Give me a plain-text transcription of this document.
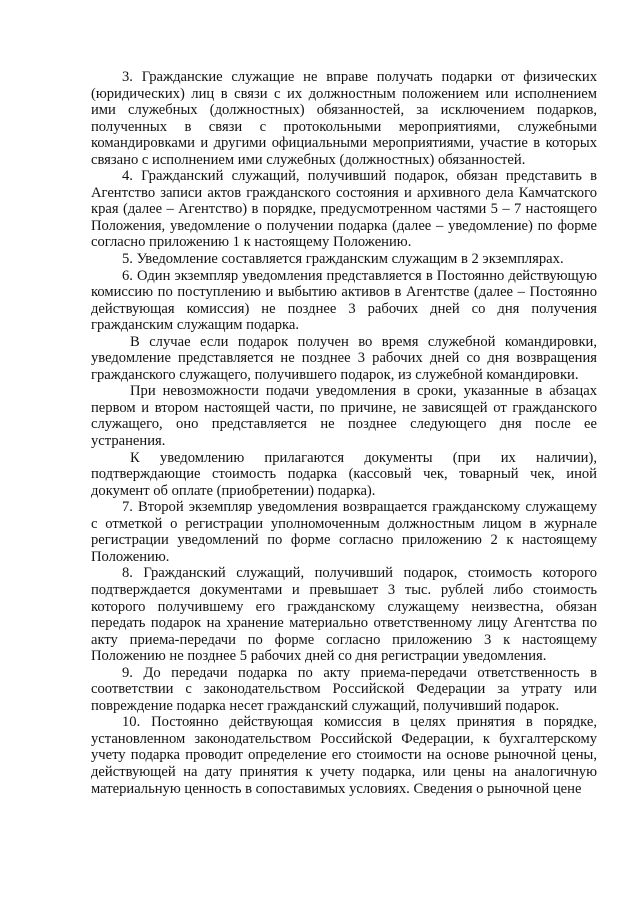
3. Гражданские служащие не вправе получать подарки от физических (юридических) лиц в связи с их должностным положением или исполнением ими служебных (должностных) обязанностей, за исключением подарков, полученных в связи с протокольными мероприятиями, служебными командировками и другими официальными мероприятиями, участие в которых связано с исполнением ими служебных (должностных) обязанностей.

4. Гражданский служащий, получивший подарок, обязан представить в Агентство записи актов гражданского состояния и архивного дела Камчатского края (далее – Агентство) в порядке, предусмотренном частями 5 – 7 настоящего Положения, уведомление о получении подарка (далее – уведомление) по форме согласно приложению 1 к настоящему Положению.

5. Уведомление составляется гражданским служащим в 2 экземплярах.

6. Один экземпляр уведомления представляется в Постоянно действующую комиссию по поступлению и выбытию активов в Агентстве (далее – Постоянно действующая комиссия) не позднее 3 рабочих дней со дня получения гражданским служащим подарка.

В случае если подарок получен во время служебной командировки, уведомление представляется не позднее 3 рабочих дней со дня возвращения гражданского служащего, получившего подарок, из служебной командировки.

При невозможности подачи уведомления в сроки, указанные в абзацах первом и втором настоящей части, по причине, не зависящей от гражданского служащего, оно представляется не позднее следующего дня после ее устранения.

К уведомлению прилагаются документы (при их наличии), подтверждающие стоимость подарка (кассовый чек, товарный чек, иной документ об оплате (приобретении) подарка).

7. Второй экземпляр уведомления возвращается гражданскому служащему с отметкой о регистрации уполномоченным должностным лицом в журнале регистрации уведомлений по форме согласно приложению 2 к настоящему Положению.

8. Гражданский служащий, получивший подарок, стоимость которого подтверждается документами и превышает 3 тыс. рублей либо стоимость которого получившему его гражданскому служащему неизвестна, обязан передать подарок на хранение материально ответственному лицу Агентства по акту приема-передачи по форме согласно приложению 3 к настоящему Положению не позднее 5 рабочих дней со дня регистрации уведомления.

9. До передачи подарка по акту приема-передачи ответственность в соответствии с законодательством Российской Федерации за утрату или повреждение подарка несет гражданский служащий, получивший подарок.

10. Постоянно действующая комиссия в целях принятия в порядке, установленном законодательством Российской Федерации, к бухгалтерскому учету подарка проводит определение его стоимости на основе рыночной цены, действующей на дату принятия к учету подарка, или цены на аналогичную материальную ценность в сопоставимых условиях. Сведения о рыночной цене
